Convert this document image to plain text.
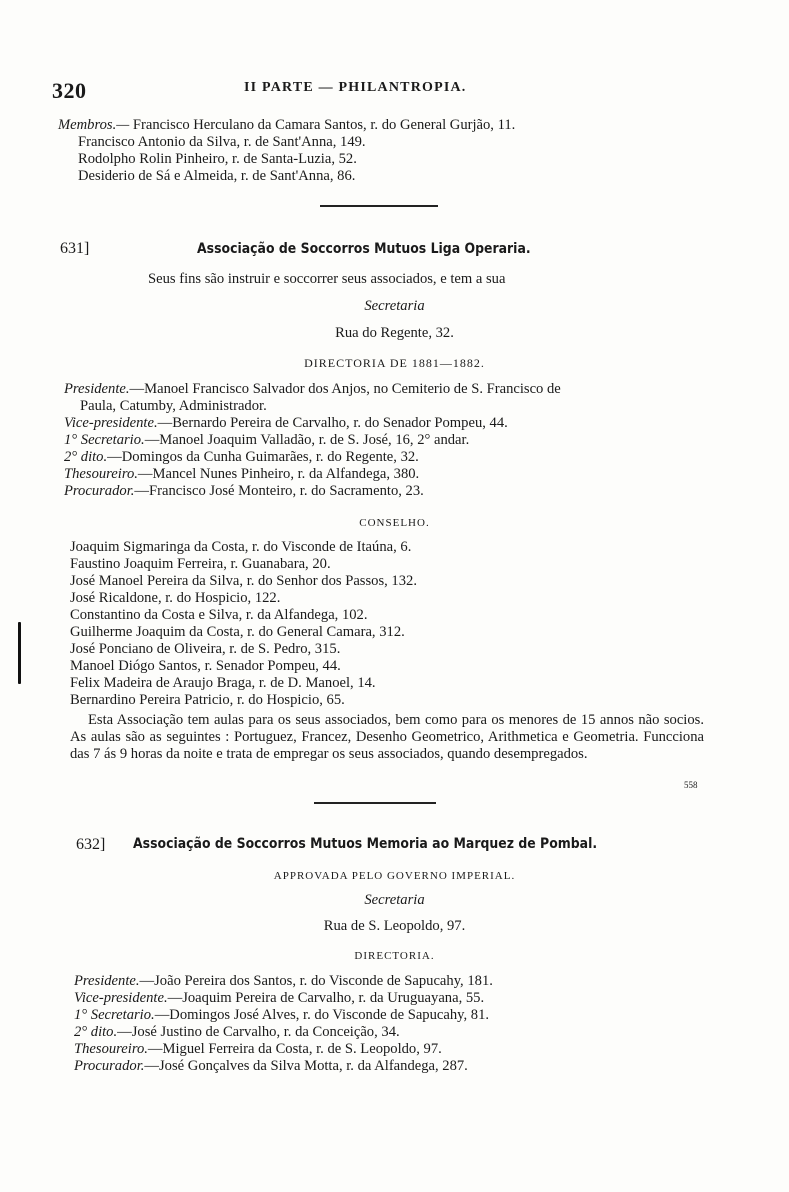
320	II PARTE — PHILANTROPIA.
Membros.— Francisco Herculano da Camara Santos, r. do General Gurjão, 11.
Francisco Antonio da Silva, r. de Sant'Anna, 149.
Rodolpho Rolin Pinheiro, r. de Santa-Luzia, 52.
Desiderio de Sá e Almeida, r. de Sant'Anna, 86.
631]	Associação de Soccorros Mutuos Liga Operaria.
Seus fins são instruir e soccorrer seus associados, e tem a sua
Secretaria
Rua do Regente, 32.
DIRECTORIA DE 1881—1882.
Presidente.—Manoel Francisco Salvador dos Anjos, no Cemiterio de S. Francisco de
Paula, Catumby, Administrador.
Vice-presidente.—Bernardo Pereira de Carvalho, r. do Senador Pompeu, 44.
1° Secretario.—Manoel Joaquim Valladão, r. de S. José, 16, 2° andar.
2° dito.—Domingos da Cunha Guimarães, r. do Regente, 32.
Thesoureiro.—Mancel Nunes Pinheiro, r. da Alfandega, 380.
Procurador.—Francisco José Monteiro, r. do Sacramento, 23.
CONSELHO.
Joaquim Sigmaringa da Costa, r. do Visconde de Itaúna, 6.
Faustino Joaquim Ferreira, r. Guanabara, 20.
José Manoel Pereira da Silva, r. do Senhor dos Passos, 132.
José Ricaldone, r. do Hospicio, 122.
Constantino da Costa e Silva, r. da Alfandega, 102.
Guilherme Joaquim da Costa, r. do General Camara, 312.
José Ponciano de Oliveira, r. de S. Pedro, 315.
Manoel Diógo Santos, r. Senador Pompeu, 44.
Felix Madeira de Araujo Braga, r. de D. Manoel, 14.
Bernardino Pereira Patricio, r. do Hospicio, 65.

Esta Associação tem aulas para os seus associados, bem como para os menores de 15 annos não socios. As aulas são as seguintes : Portuguez, Francez, Desenho Geometrico, Arithmetica e Geometria. Funcciona das 7 ás 9 horas da noite e trata de empregar os seus associados, quando desempregados.

558
632] Associação de Soccorros Mutuos Memoria ao Marquez de Pombal.
APPROVADA PELO GOVERNO IMPERIAL.
Secretaria
Rua de S. Leopoldo, 97.
DIRECTORIA.
Presidente.—João Pereira dos Santos, r. do Visconde de Sapucahy, 181.
Vice-presidente.—Joaquim Pereira de Carvalho, r. da Uruguayana, 55.
1° Secretario.—Domingos José Alves, r. do Visconde de Sapucahy, 81.
2° dito.—José Justino de Carvalho, r. da Conceição, 34.
Thesoureiro.—Miguel Ferreira da Costa, r. de S. Leopoldo, 97.
Procurador.—José Gonçalves da Silva Motta, r. da Alfandega, 287.
